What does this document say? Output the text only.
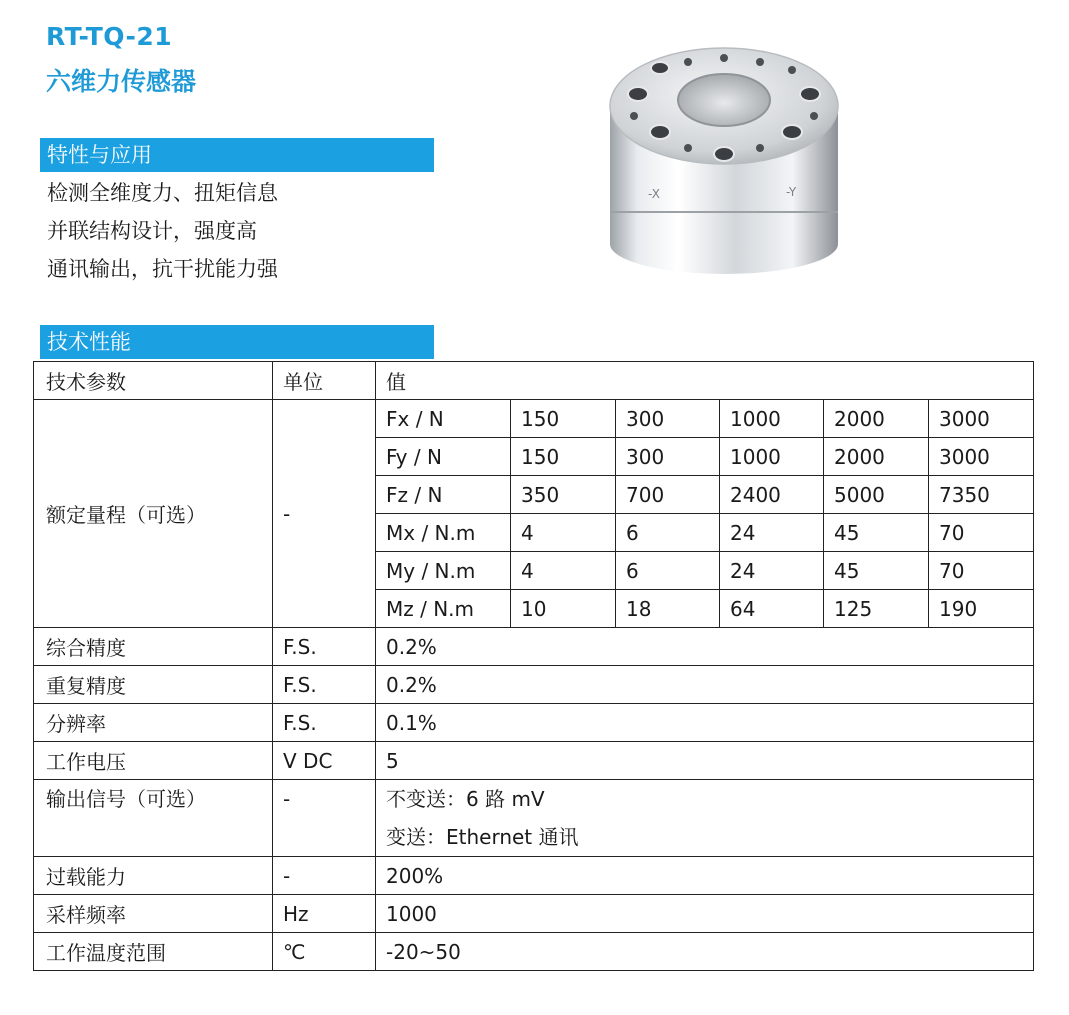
RT-TQ-21
六维力传感器
特性与应用
检测全维度力、扭矩信息
并联结构设计，强度高
通讯输出，抗干扰能力强
-X	-Y
技术性能
技术参数	单位	值					
额定量程（可选）	-	Fx / N	150	300	1000	2000	3000
		Fy / N	150	300	1000	2000	3000
		Fz / N	350	700	2400	5000	7350
		Mx / N.m	4	6	24	45	70
		My / N.m	4	6	24	45	70
		Mz / N.m	10	18	64	125	190
综合精度	F.S.	0.2%					
重复精度	F.S.	0.2%					
分辨率	F.S.	0.1%					
工作电压	V DC	5					

输出信号（可选）	-	不变送：6 路 mV
变送：Ethernet 通讯					

过载能力	-	200%					
采样频率	Hz	1000					
工作温度范围	℃	-20~50					
